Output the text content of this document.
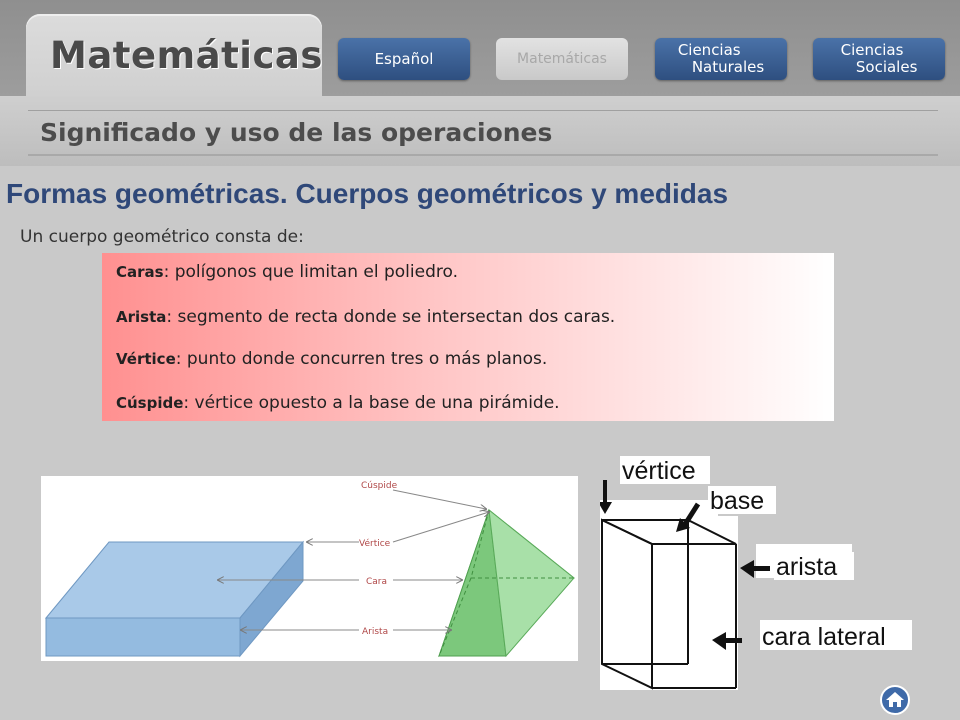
Matemáticas	Español	Matemáticas	Ciencias
Naturales
Ciencias
Sociales
Significado y uso de las operaciones
Formas geométricas. Cuerpos geométricos y medidas
Un cuerpo geométrico consta de:
Caras: polígonos que limitan el poliedro.
Arista: segmento de recta donde se intersectan dos caras.
Vértice: punto donde concurren tres o más planos.
Cúspide: vértice opuesto a la base de una pirámide.
Cúspide
Vértice
Cara
Arista
vértice
base
arista
cara lateral
